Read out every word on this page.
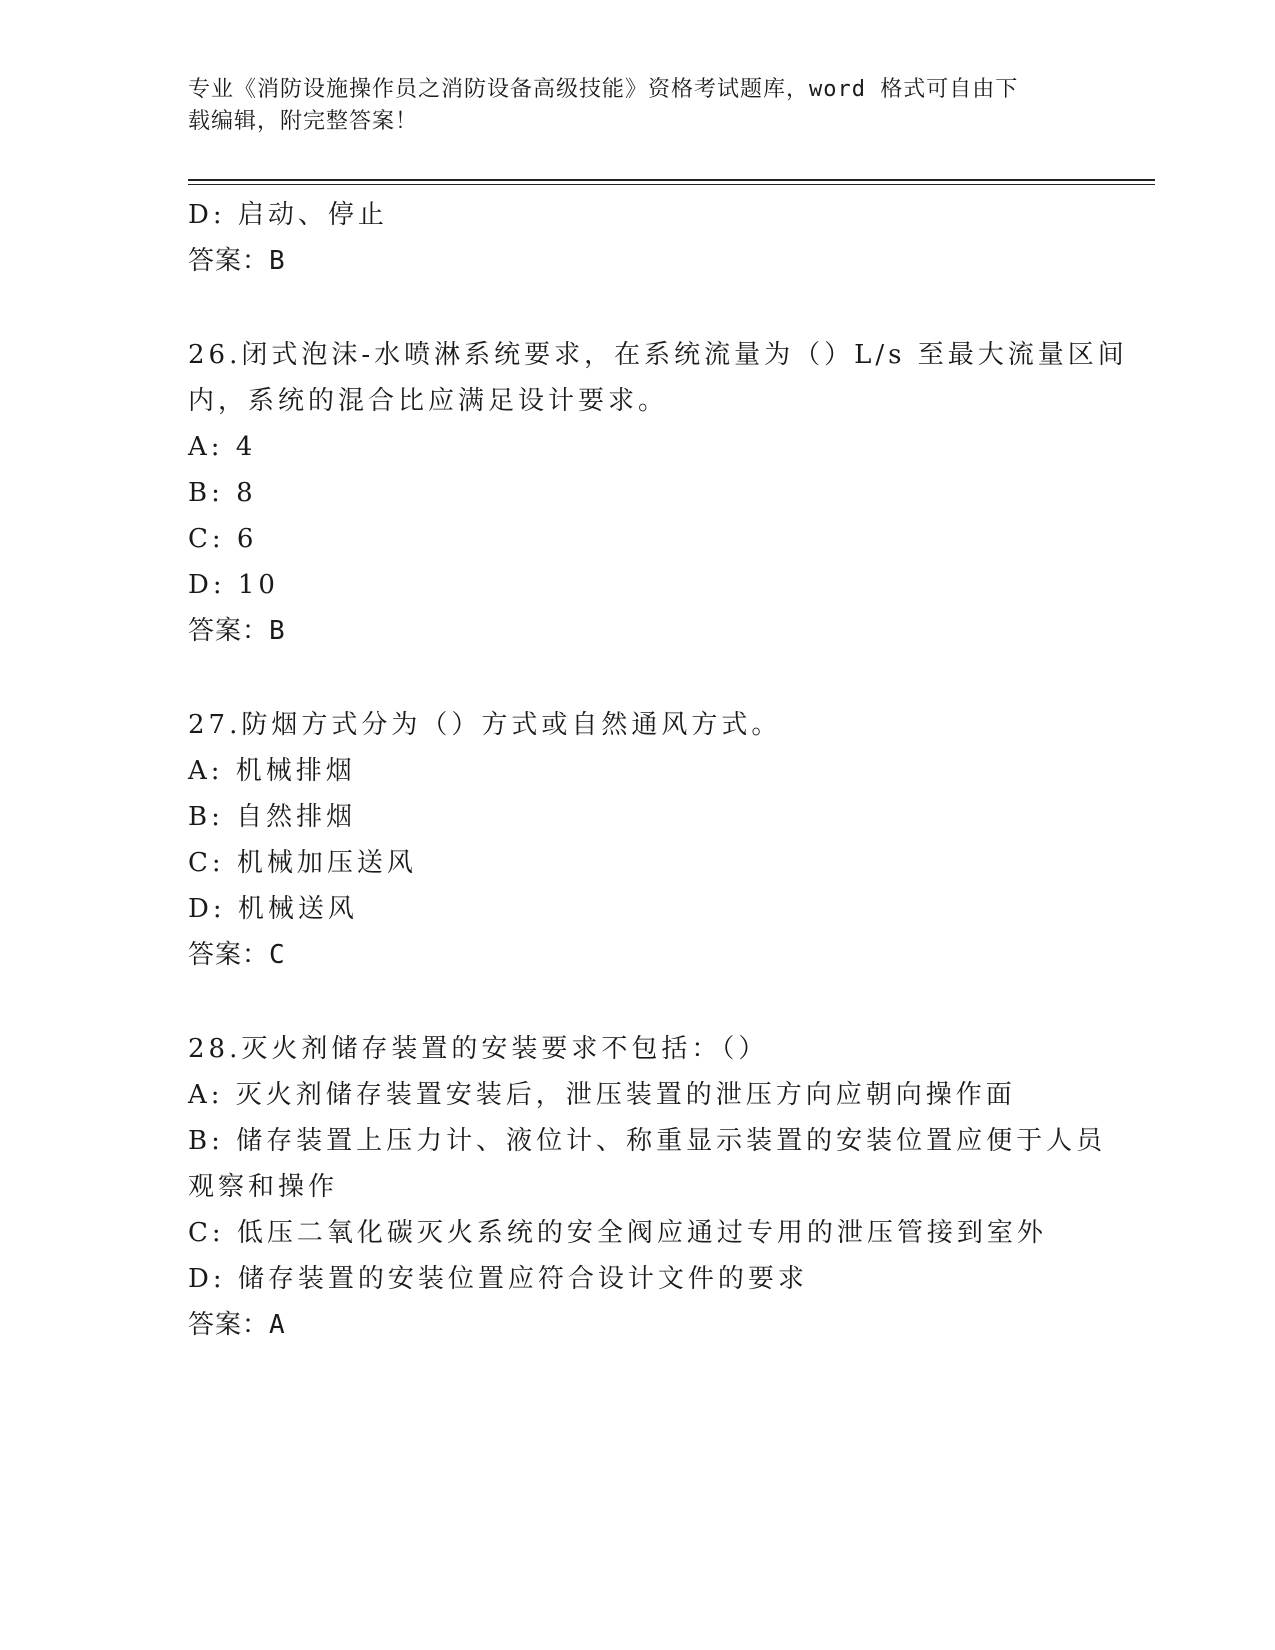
专业《消防设施操作员之消防设备高级技能》资格考试题库，word 格式可自由下
载编辑，附完整答案！
D: 启动、停止
答案：B
26.闭式泡沫-水喷淋系统要求，在系统流量为（）L/s 至最大流量区间
内，系统的混合比应满足设计要求。
A: 4
B: 8
C: 6
D: 10
答案：B
27.防烟方式分为（）方式或自然通风方式。
A: 机械排烟
B: 自然排烟
C: 机械加压送风
D: 机械送风
答案：C
28.灭火剂储存装置的安装要求不包括：（）
A: 灭火剂储存装置安装后，泄压装置的泄压方向应朝向操作面
B: 储存装置上压力计、液位计、称重显示装置的安装位置应便于人员
观察和操作
C: 低压二氧化碳灭火系统的安全阀应通过专用的泄压管接到室外
D: 储存装置的安装位置应符合设计文件的要求
答案：A
